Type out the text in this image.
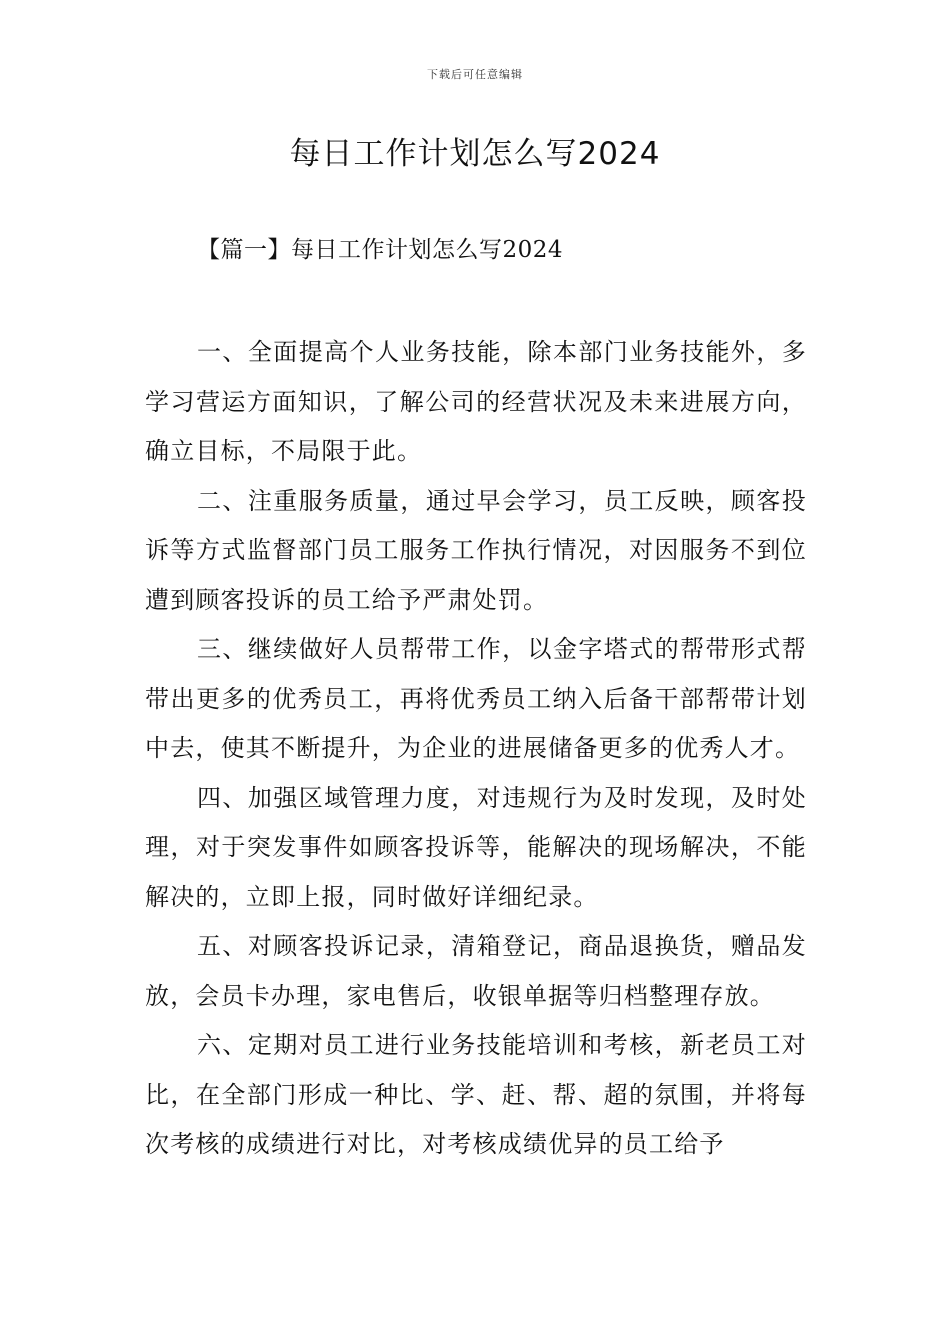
下载后可任意编辑
每日工作计划怎么写2024
【篇一】每日工作计划怎么写2024

一、全面提高个人业务技能，除本部门业务技能外，多学习营运方面知识，了解公司的经营状况及未来进展方向，确立目标，不局限于此。

二、注重服务质量，通过早会学习，员工反映，顾客投诉等方式监督部门员工服务工作执行情况，对因服务不到位遭到顾客投诉的员工给予严肃处罚。

三、继续做好人员帮带工作，以金字塔式的帮带形式帮带出更多的优秀员工，再将优秀员工纳入后备干部帮带计划中去，使其不断提升，为企业的进展储备更多的优秀人才。

四、加强区域管理力度，对违规行为及时发现，及时处理，对于突发事件如顾客投诉等，能解决的现场解决，不能解决的，立即上报，同时做好详细纪录。

五、对顾客投诉记录，清箱登记，商品退换货，赠品发放，会员卡办理，家电售后，收银单据等归档整理存放。

六、定期对员工进行业务技能培训和考核，新老员工对比，在全部门形成一种比、学、赶、帮、超的氛围，并将每次考核的成绩进行对比，对考核成绩优异的员工给予
